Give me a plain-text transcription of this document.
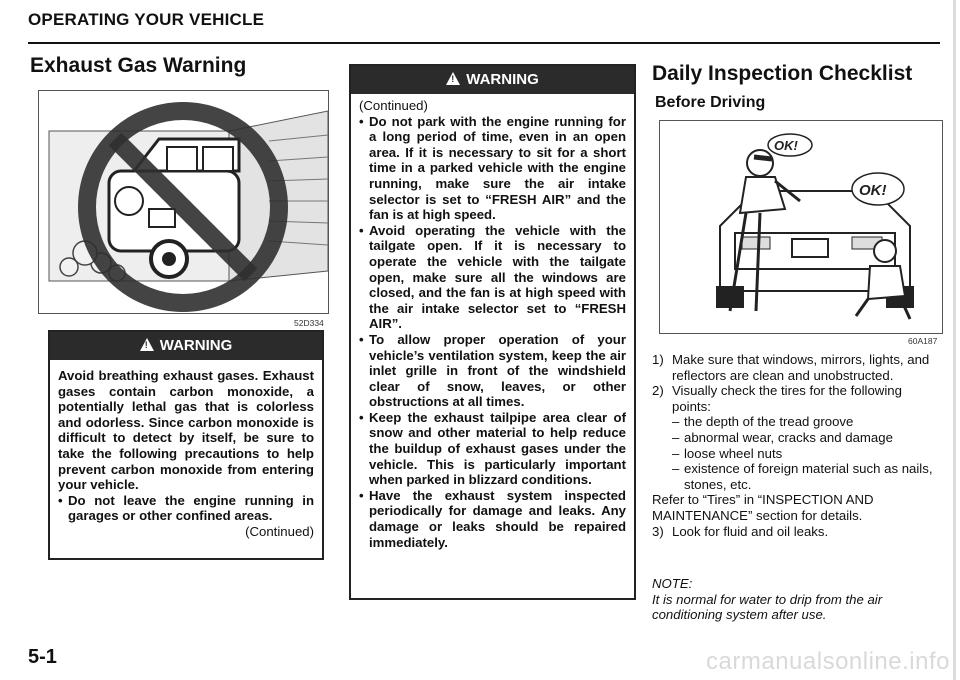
OPERATING YOUR VEHICLE
Exhaust Gas Warning
52D334
!WARNING

Avoid breathing exhaust gases. Exhaust gases contain carbon monoxide, a potentially lethal gas that is colorless and odorless. Since carbon monoxide is difficult to detect by itself, be sure to take the following precautions to help prevent carbon monoxide from entering your vehicle.

• Do not leave the engine running in garages or other confined areas.

(Continued)

!WARNING

(Continued)

• Do not park with the engine running for a long period of time, even in an open area. If it is necessary to sit for a short time in a parked vehicle with the engine running, make sure the air intake selector is set to “FRESH AIR” and the fan is at high speed.

• Avoid operating the vehicle with the tailgate open. If it is necessary to operate the vehicle with the tailgate open, make sure all the windows are closed, and the fan is at high speed with the air intake selector set to “FRESH AIR”.

• To allow proper operation of your vehicle’s ventilation system, keep the air inlet grille in front of the windshield clear of snow, leaves, or other obstructions at all times.

• Keep the exhaust tailpipe area clear of snow and other material to help reduce the buildup of exhaust gases under the vehicle. This is particularly important when parked in blizzard conditions.

• Have the exhaust system inspected periodically for damage and leaks. Any damage or leaks should be repaired immediately.

Daily Inspection Checklist
Before Driving
OK!
OK!
60A187

1) Make sure that windows, mirrors, lights, and reflectors are clean and unobstructed.

2) Visually check the tires for the following points:

– the depth of the tread groove

– abnormal wear, cracks and damage

– loose wheel nuts

– existence of foreign material such as nails, stones, etc.

Refer to “Tires” in “INSPECTION AND MAINTENANCE” section for details.

3) Look for fluid and oil leaks.

NOTE:
It is normal for water to drip from the air conditioning system after use.
5-1	carmanualsonline.info
